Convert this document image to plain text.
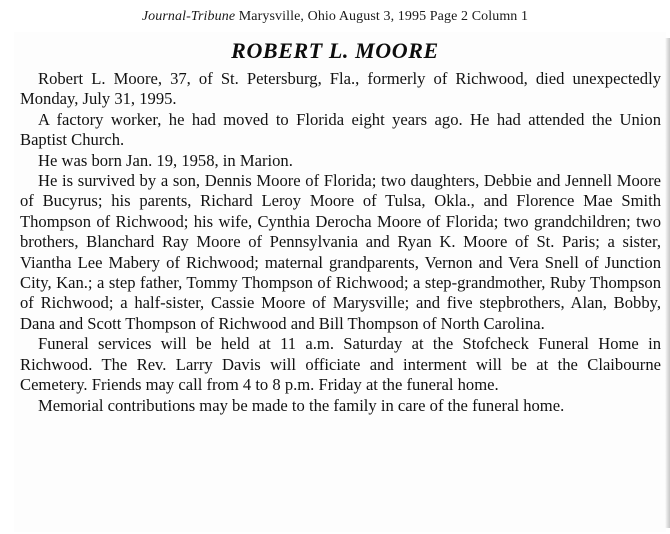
Journal-Tribune Marysville, Ohio August 3, 1995 Page 2 Column 1
ROBERT L. MOORE

Robert L. Moore, 37, of St. Petersburg, Fla., formerly of Richwood, died unexpectedly Monday, July 31, 1995.

A factory worker, he had moved to Florida eight years ago. He had attended the Union Baptist Church.

He was born Jan. 19, 1958, in Marion.

He is survived by a son, Dennis Moore of Florida; two daughters, Debbie and Jennell Moore of Bucyrus; his parents, Richard Leroy Moore of Tulsa, Okla., and Florence Mae Smith Thompson of Richwood; his wife, Cynthia Derocha Moore of Florida; two grandchildren; two brothers, Blanchard Ray Moore of Pennsylvania and Ryan K. Moore of St. Paris; a sister, Viantha Lee Mabery of Richwood; maternal grandparents, Vernon and Vera Snell of Junction City, Kan.; a step father, Tommy Thompson of Richwood; a step-grandmother, Ruby Thompson of Richwood; a half-sister, Cassie Moore of Marysville; and five stepbrothers, Alan, Bobby, Dana and Scott Thompson of Richwood and Bill Thompson of North Carolina.

Funeral services will be held at 11 a.m. Saturday at the Stofcheck Funeral Home in Richwood. The Rev. Larry Davis will officiate and interment will be at the Claibourne Cemetery. Friends may call from 4 to 8 p.m. Friday at the funeral home.

Memorial contributions may be made to the family in care of the funeral home.
